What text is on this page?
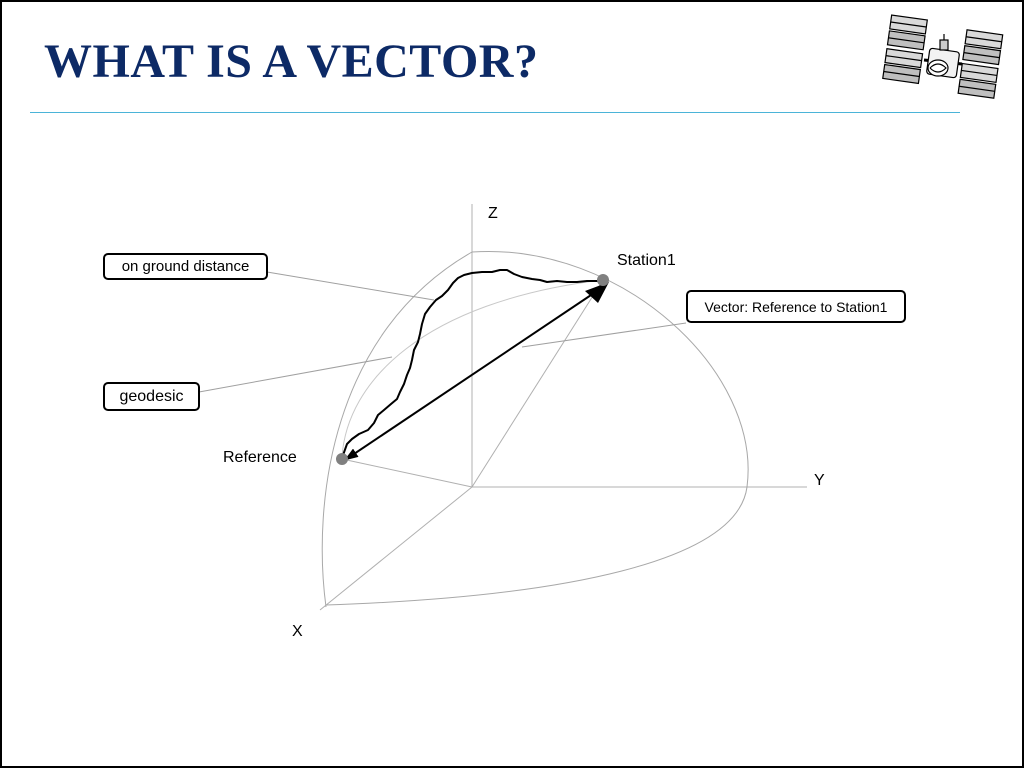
WHAT IS A VECTOR?
Z
Y
X
Station1
Reference
on ground distance
geodesic
Vector: Reference to Station1
